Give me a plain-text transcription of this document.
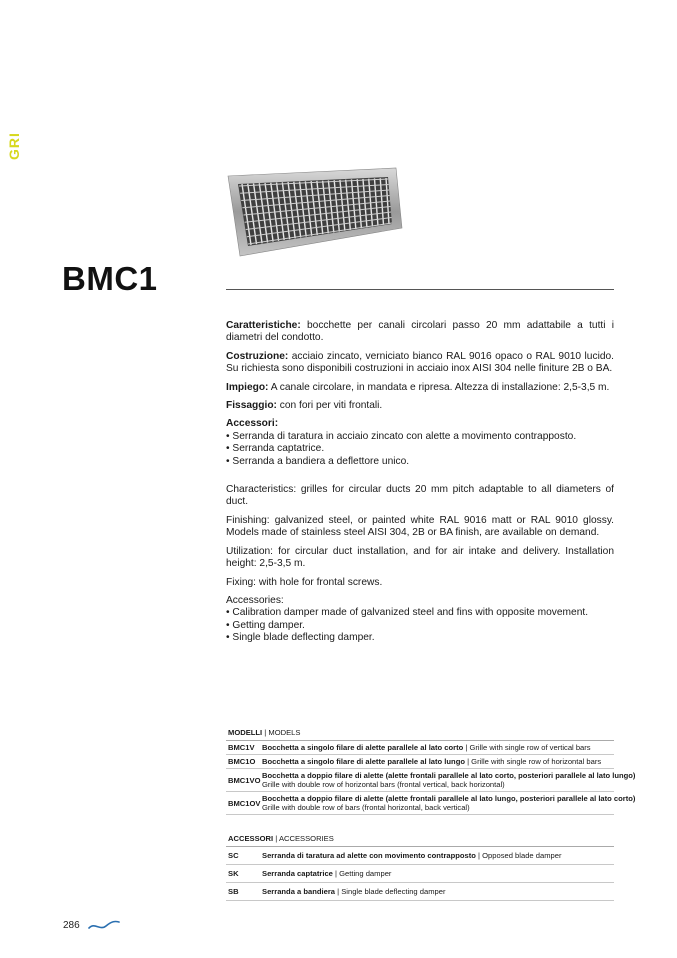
GRI
BMC1

Caratteristiche: bocchette per canali circolari passo 20 mm adattabile a tutti i diametri del condotto.

Costruzione: acciaio zincato, verniciato bianco RAL 9016 opaco o RAL 9010 lucido. Su richiesta sono disponibili costruzioni in acciaio inox AISI 304 nelle finiture 2B o BA.

Impiego: A canale circolare, in mandata e ripresa. Altezza di installazione: 2,5-3,5 m.

Fissaggio: con fori per viti frontali.

Accessori:

• Serranda di taratura in acciaio zincato con alette a movimento contrapposto.
• Serranda captatrice.
• Serranda a bandiera a deflettore unico.

Characteristics: grilles for circular ducts 20 mm pitch adaptable to all diameters of duct.

Finishing: galvanized steel, or painted white RAL 9016 matt or RAL 9010 glossy. Models made of stainless steel AISI 304, 2B or BA finish, are available on demand.

Utilization: for circular duct installation, and for air intake and delivery. Installation height: 2,5-3,5 m.

Fixing: with hole for frontal screws.

Accessories:

• Calibration damper made of galvanized steel and fins with opposite movement.
• Getting damper.
• Single blade deflecting damper.
MODELLI | MODELS
BMC1V Bocchetta a singolo filare di alette parallele al lato corto | Grille with single row of vertical bars
BMC1O Bocchetta a singolo filare di alette parallele al lato lungo | Grille with single row of horizontal bars
BMC1VO Bocchetta a doppio filare di alette (alette frontali parallele al lato corto, posteriori parallele al lato lungo)
Grille with double row of horizontal bars (frontal vertical, back horizontal)
BMC1OV Bocchetta a doppio filare di alette (alette frontali parallele al lato lungo, posteriori parallele al lato corto)
Grille with double row of bars (frontal horizontal, back vertical)
ACCESSORI | ACCESSORIES
SC	Serranda di taratura ad alette con movimento contrapposto | Opposed blade damper
SK	Serranda captatrice | Getting damper
SB	Serranda a bandiera | Single blade deflecting damper
286
